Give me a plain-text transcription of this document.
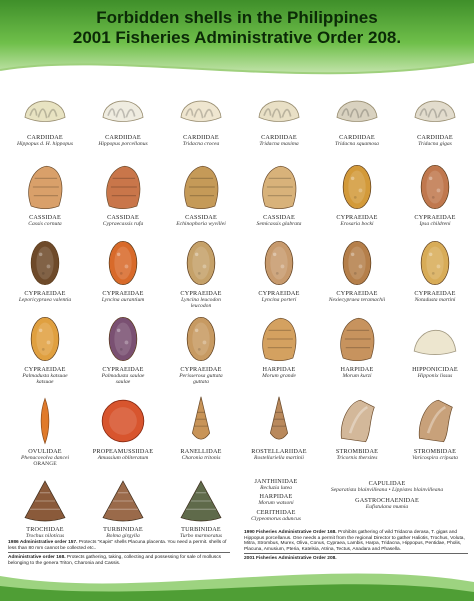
Forbidden shells in the Philippines
2001 Fisheries Administrative Order 208.
CARDIIDAE
Hippopus d. H. hippopus
CARDIIDAE
Hippopus porcellanus
CARDIIDAE
Tridacna crocea
CARDIIDAE
Tridacna maxima
CARDIIDAE
Tridacna squamosa
CARDIIDAE
Tridacna gigas
CASSIDAE
Cassis cornuta
CASSIDAE
Cypraecassis rufa
CASSIDAE
Echinophoria wyvillei
CASSIDAE
Semicassis glabrata
CYPRAEIDAE
Erosaria bocki
CYPRAEIDAE
Ipsa childreni
CYPRAEIDAE
Leporicypraea valentia
CYPRAEIDAE
Lyncina aurantium
CYPRAEIDAE
Lyncina leucodon
leucodon
CYPRAEIDAE
Lyncina porteri
CYPRAEIDAE
Nexiecypraea teramachii
CYPRAEIDAE
Notadusta martini
CYPRAEIDAE
Palmadusta katsuae
katsuae
CYPRAEIDAE
Palmadusta saulae
saulae
CYPRAEIDAE
Perisserosa guttata
guttata
HARPIDAE
Morum grande
HARPIDAE
Morum kurzi
HIPPONICIDAE
Hipponix lissus
OVULIDAE
Phenacovolva dancei
ORANGE
PROPEAMUSSIIDAE
Amussium obliteratum
RANELLIDAE
Charonia tritonis
ROSTELLARIIDAE
Rostellariella martinii
STROMBIDAE
Tricornis thersites
STROMBIDAE
Varicospira cripsata
TROCHIDAE
Trochus niloticus
TURBINIDAE
Bolma girgylla
TURBINIDAE
Turbo marmoratus
JANTHINIDAE
Recluzia lutea
HARPIDAE
Morum watsoni
CERITHIDAE
Clypeomorus aduncus
CAPULIDAE
Separatista blainvilleana • Lippistes blainvilleana
GASTROCHAENIDAE
Eufistulana mumia
1986 Administrative order 157. Protects "Kapis" shells Placuna placenta. You need a permit. shells of less than 80 mm cannot be collected etc..
Administrative order 168. Protects gathering, taking, collecting and possessing for sale of molluscs belonging to the genera Triton, Charonia and Cassis.
1990 Fisheries Administrative Order 168. Prohibits gathering of wild Tridacna derasa, T. gigas and Hippopus porcellanus. One needs a permit from the regional Director to gather Haliotis, Trochus, Voluta, Mitra, Strombus, Murex, Oliva, Conus, Cypraea, Lambis, Harpa, Tridacna, Hippopus, Pentidae, Pholis, Placuna, Amusium, Pteria, Katelsia, Atrina, Tectus, Anadara and Phasella.
2001 Fisheries Administrative Order 208.
